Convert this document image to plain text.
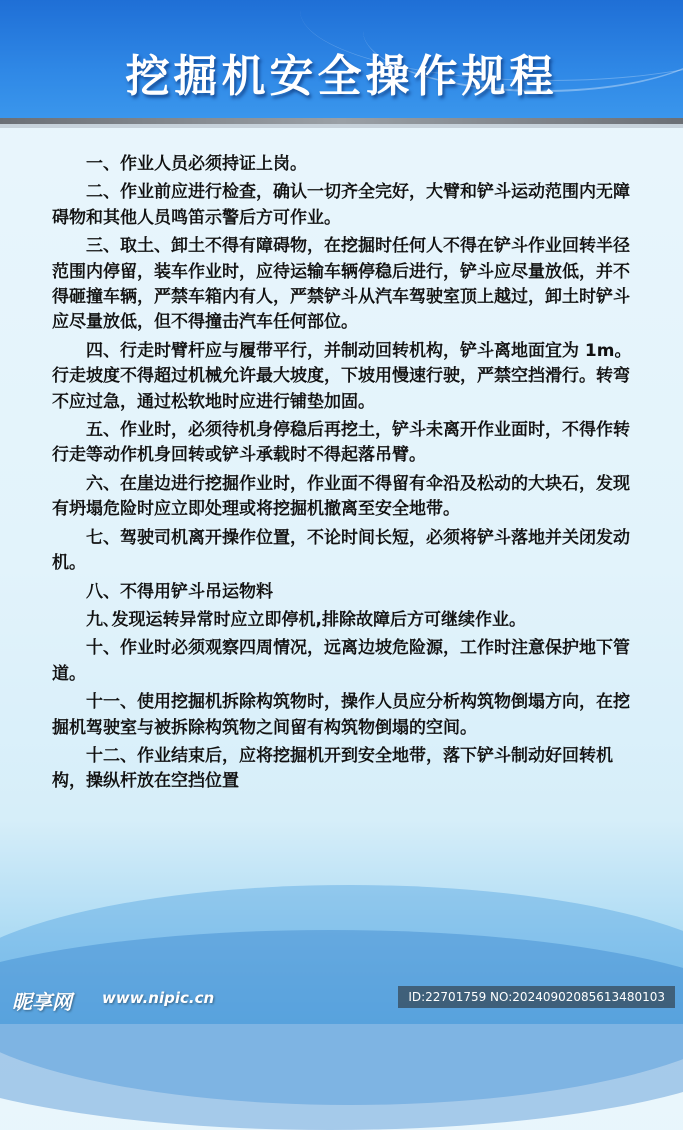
挖掘机安全操作规程

一、作业人员必须持证上岗。

二、作业前应进行检查，确认一切齐全完好，大臂和铲斗运动范围内无障碍物和其他人员鸣笛示警后方可作业。

三、取土、卸土不得有障碍物，在挖掘时任何人不得在铲斗作业回转半径范围内停留，装车作业时，应待运输车辆停稳后进行，铲斗应尽量放低，并不得砸撞车辆，严禁车箱内有人，严禁铲斗从汽车驾驶室顶上越过，卸土时铲斗应尽量放低，但不得撞击汽车任何部位。

四、行走时臂杆应与履带平行，并制动回转机构，铲斗离地面宜为 1m。行走坡度不得超过机械允许最大坡度，下坡用慢速行驶，严禁空挡滑行。转弯不应过急，通过松软地时应进行铺垫加固。

五、作业时，必须待机身停稳后再挖土，铲斗未离开作业面时，不得作转行走等动作机身回转或铲斗承载时不得起落吊臂。

六、在崖边进行挖掘作业时，作业面不得留有伞沿及松动的大块石，发现有坍塌危险时应立即处理或将挖掘机撤离至安全地带。

七、驾驶司机离开操作位置，不论时间长短，必须将铲斗落地并关闭发动机。

八、不得用铲斗吊运物料

九､发现运转异常时应立即停机,排除故障后方可继续作业。

十、作业时必须观察四周情况，远离边坡危险源，工作时注意保护地下管道。

十一、使用挖掘机拆除构筑物时，操作人员应分析构筑物倒塌方向，在挖掘机驾驶室与被拆除构筑物之间留有构筑物倒塌的空间。

十二、作业结束后，应将挖掘机开到安全地带，落下铲斗制动好回转机构，操纵杆放在空挡位置

昵享网 www.nipic.cn	ID:22701759 NO:20240902085613480103
